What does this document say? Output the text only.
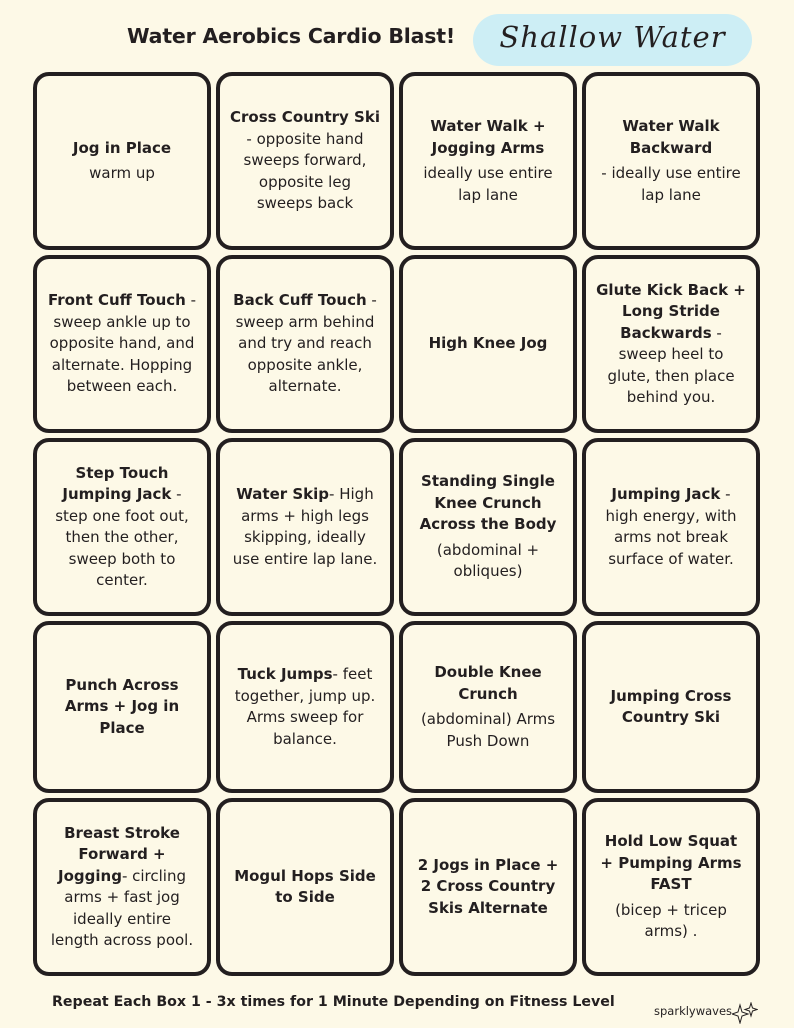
Water Aerobics Cardio Blast!	Shallow Water
Jog in Place
warm up
Cross Country Ski - opposite hand sweeps forward, opposite leg sweeps back
Water Walk + Jogging Arms
ideally use entire lap lane
Water Walk Backward
- ideally use entire lap lane
Front Cuff Touch - sweep ankle up to opposite hand, and alternate. Hopping between each.
Back Cuff Touch - sweep arm behind and try and reach opposite ankle, alternate.
High Knee Jog
Glute Kick Back + Long Stride Backwards - sweep heel to glute, then place behind you.
Step Touch Jumping Jack - step one foot out, then the other, sweep both to center.
Water Skip- High arms + high legs skipping, ideally use entire lap lane.
Standing Single Knee Crunch Across the Body
(abdominal + obliques)
Jumping Jack - high energy, with arms not break surface of water.
Punch Across Arms + Jog in Place
Tuck Jumps- feet together, jump up. Arms sweep for balance.
Double Knee Crunch
(abdominal) Arms Push Down
Jumping Cross Country Ski
Breast Stroke Forward + Jogging- circling arms + fast jog ideally entire length across pool.
Mogul Hops Side to Side
2 Jogs in Place + 2 Cross Country Skis Alternate
Hold Low Squat + Pumping Arms FAST
(bicep + tricep arms) .
Repeat Each Box 1 - 3x times for 1 Minute Depending on Fitness Level
sparklywaves
